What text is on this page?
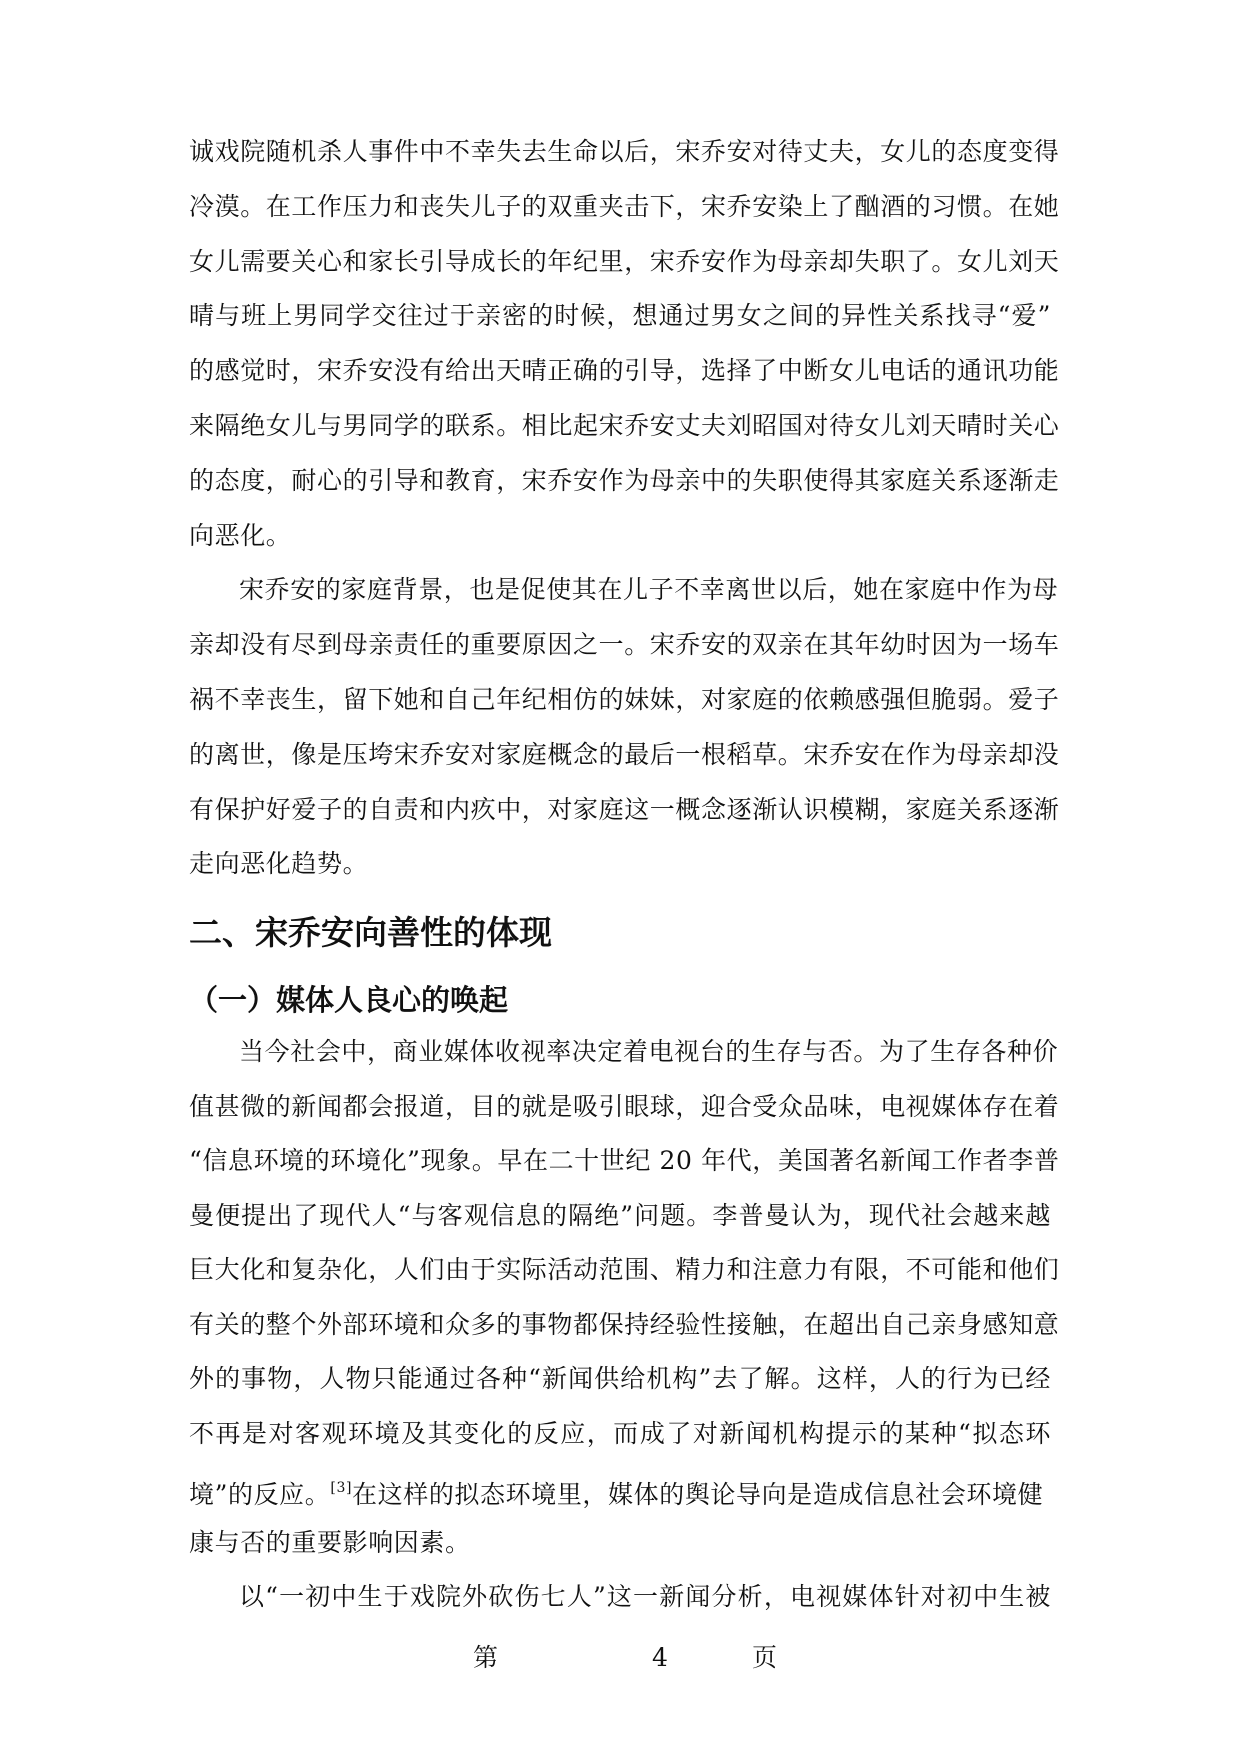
诚戏院随机杀人事件中不幸失去生命以后，宋乔安对待丈夫，女儿的态度变得
冷漠。在工作压力和丧失儿子的双重夹击下，宋乔安染上了酗酒的习惯。在她
女儿需要关心和家长引导成长的年纪里，宋乔安作为母亲却失职了。女儿刘天
晴与班上男同学交往过于亲密的时候，想通过男女之间的异性关系找寻“爱”
的感觉时，宋乔安没有给出天晴正确的引导，选择了中断女儿电话的通讯功能
来隔绝女儿与男同学的联系。相比起宋乔安丈夫刘昭国对待女儿刘天晴时关心
的态度，耐心的引导和教育，宋乔安作为母亲中的失职使得其家庭关系逐渐走
向恶化。
宋乔安的家庭背景，也是促使其在儿子不幸离世以后，她在家庭中作为母
亲却没有尽到母亲责任的重要原因之一。宋乔安的双亲在其年幼时因为一场车
祸不幸丧生，留下她和自己年纪相仿的妹妹，对家庭的依赖感强但脆弱。爱子
的离世，像是压垮宋乔安对家庭概念的最后一根稻草。宋乔安在作为母亲却没
有保护好爱子的自责和内疚中，对家庭这一概念逐渐认识模糊，家庭关系逐渐
走向恶化趋势。
二、宋乔安向善性的体现
（一）媒体人良心的唤起
当今社会中，商业媒体收视率决定着电视台的生存与否。为了生存各种价
值甚微的新闻都会报道，目的就是吸引眼球，迎合受众品味，电视媒体存在着
“信息环境的环境化”现象。早在二十世纪 20 年代，美国著名新闻工作者李普
曼便提出了现代人“与客观信息的隔绝”问题。李普曼认为，现代社会越来越
巨大化和复杂化，人们由于实际活动范围、精力和注意力有限，不可能和他们
有关的整个外部环境和众多的事物都保持经验性接触，在超出自己亲身感知意
外的事物，人物只能通过各种“新闻供给机构”去了解。这样，人的行为已经
不再是对客观环境及其变化的反应，而成了对新闻机构提示的某种“拟态环
境”的反应。[3]在这样的拟态环境里，媒体的舆论导向是造成信息社会环境健
康与否的重要影响因素。
以“一初中生于戏院外砍伤七人”这一新闻分析，电视媒体针对初中生被
第	4	页
